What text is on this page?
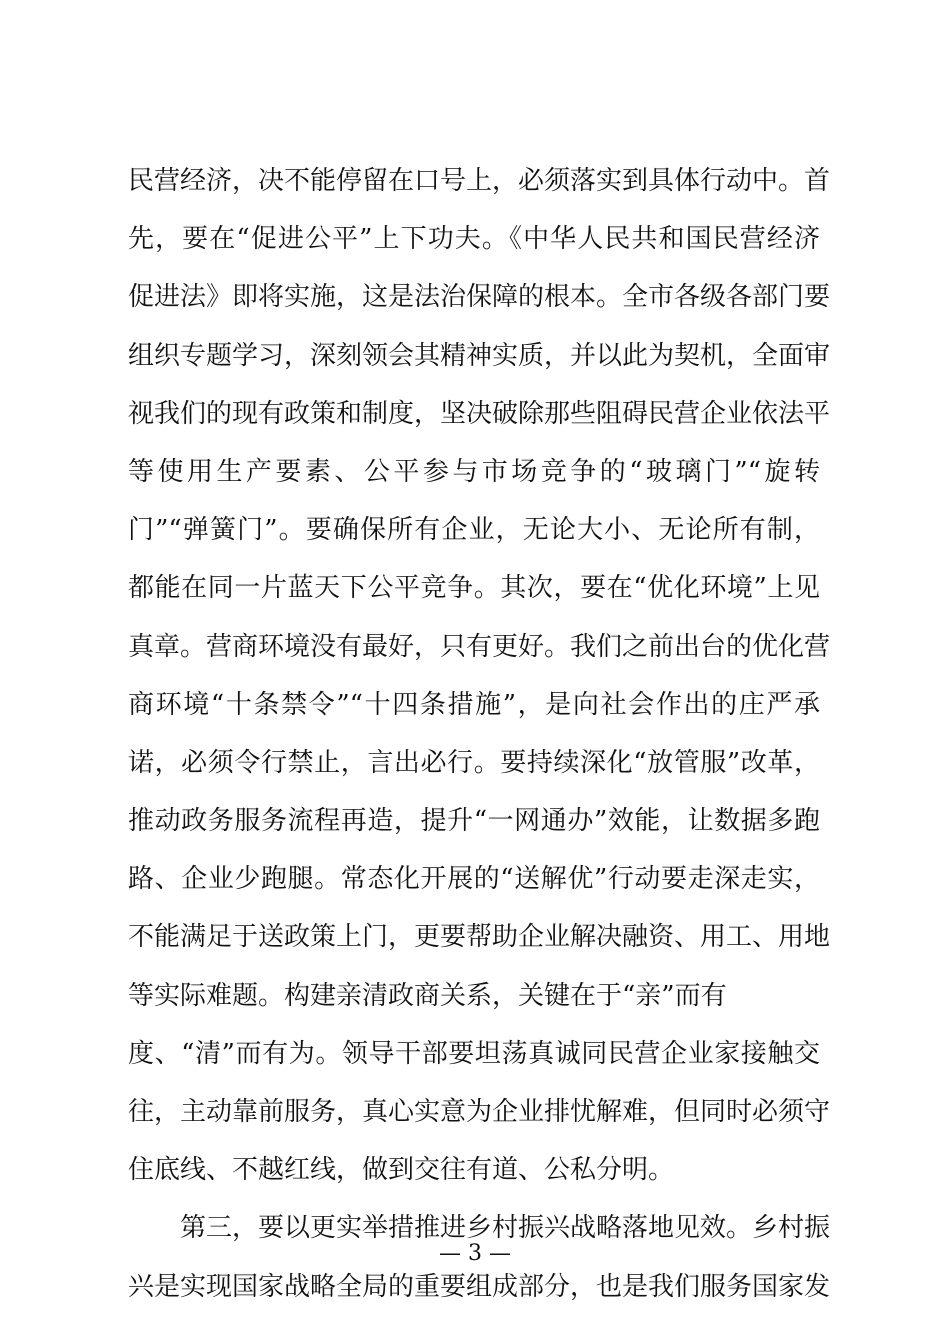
民营经济，决不能停留在口号上，必须落实到具体行动中。首
先，要在“促进公平”上下功夫。《中华人民共和国民营经济
促进法》即将实施，这是法治保障的根本。全市各级各部门要
组织专题学习，深刻领会其精神实质，并以此为契机，全面审
视我们的现有政策和制度，坚决破除那些阻碍民营企业依法平
等使用生产要素、公平参与市场竞争的“玻璃门”“旋转
门”“弹簧门”。要确保所有企业，无论大小、无论所有制，
都能在同一片蓝天下公平竞争。其次，要在“优化环境”上见
真章。营商环境没有最好，只有更好。我们之前出台的优化营
商环境“十条禁令”“十四条措施”，是向社会作出的庄严承
诺，必须令行禁止，言出必行。要持续深化“放管服”改革，
推动政务服务流程再造，提升“一网通办”效能，让数据多跑
路、企业少跑腿。常态化开展的“送解优”行动要走深走实，
不能满足于送政策上门，更要帮助企业解决融资、用工、用地
等实际难题。构建亲清政商关系，关键在于“亲”而有
度、“清”而有为。领导干部要坦荡真诚同民营企业家接触交
往，主动靠前服务，真心实意为企业排忧解难，但同时必须守
住底线、不越红线，做到交往有道、公私分明。
第三，要以更实举措推进乡村振兴战略落地见效。乡村振
兴是实现国家战略全局的重要组成部分，也是我们服务国家发
— 3 —
